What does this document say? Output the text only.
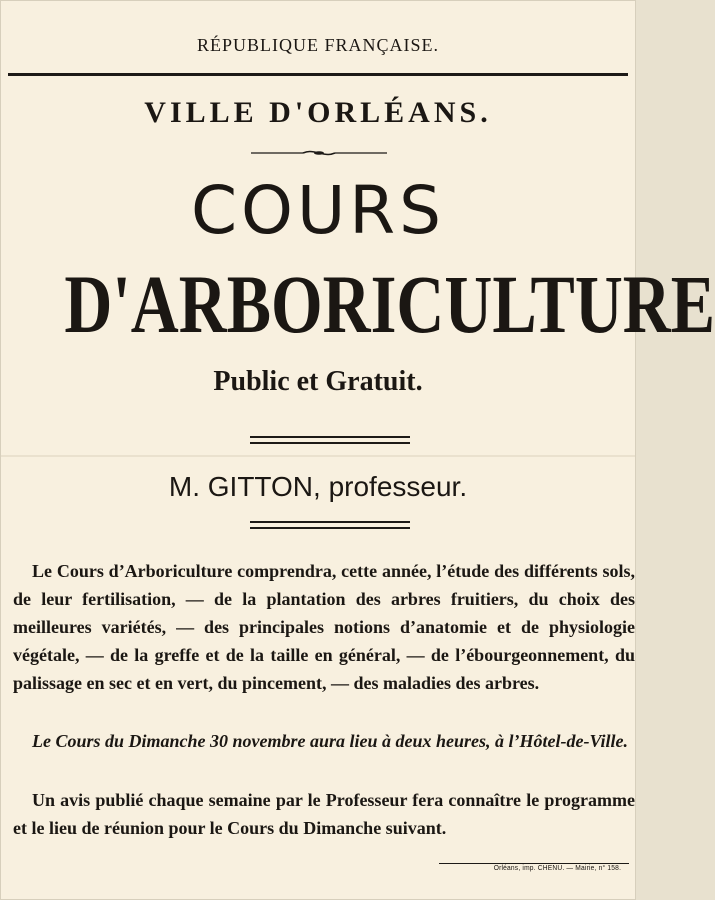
RÉPUBLIQUE FRANÇAISE.
VILLE D'ORLÉANS.
COURS
D'ARBORICULTURE
Public et Gratuit.
M. GITTON, professeur.
Le Cours d’Arboriculture comprendra, cette année, l’étude des différents sols, de leur fertilisation, — de la plantation des arbres fruitiers, du choix des meilleures variétés, — des principales notions d’anatomie et de physiologie végétale, — de la greffe et de la taille en général, — de l’ébourgeonnement, du palissage en sec et en vert, du pincement, — des maladies des arbres.
Le Cours du Dimanche 30 novembre aura lieu à deux heures, à l’Hôtel-de-Ville.
Un avis publié chaque semaine par le Professeur fera connaître le programme et le lieu de réunion pour le Cours du Dimanche suivant.
Orléans, imp. CHENU. — Mairie, n° 158.
